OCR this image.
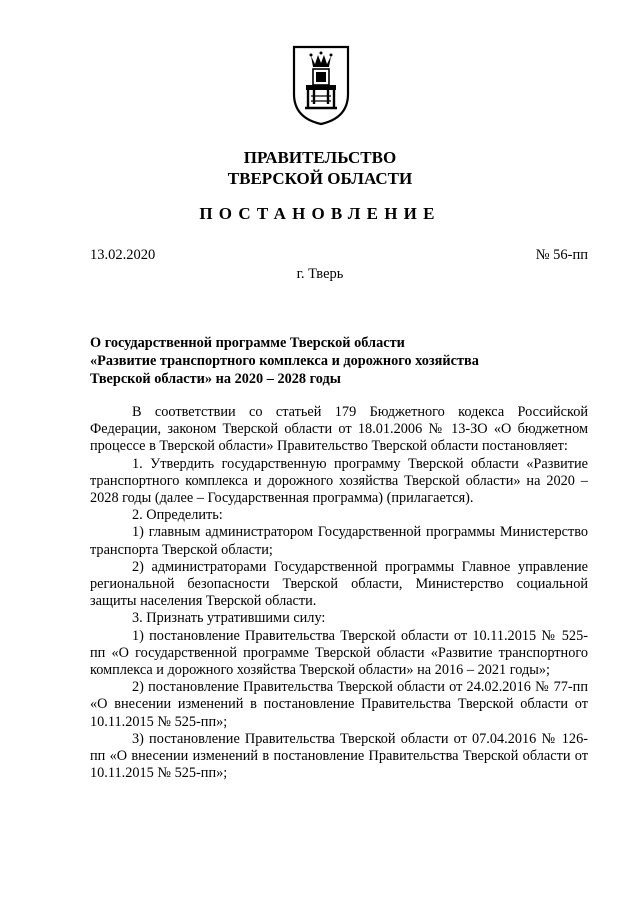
ПРАВИТЕЛЬСТВО
ТВЕРСКОЙ ОБЛАСТИ
ПОСТАНОВЛЕНИЕ
13.02.2020	№ 56-пп
г. Тверь
О государственной программе Тверской области
«Развитие транспортного комплекса и дорожного хозяйства
Тверской области» на 2020 – 2028 годы

В соответствии со статьей 179 Бюджетного кодекса Российской Федерации, законом Тверской области от 18.01.2006 № 13-ЗО «О бюджетном процессе в Тверской области» Правительство Тверской области постановляет:

1. Утвердить государственную программу Тверской области «Развитие транспортного комплекса и дорожного хозяйства Тверской области» на 2020 – 2028 годы (далее – Государственная программа) (прилагается).

2. Определить:

1) главным администратором Государственной программы Министерство транспорта Тверской области;

2) администраторами Государственной программы Главное управление региональной безопасности Тверской области, Министерство социальной защиты населения Тверской области.

3. Признать утратившими силу:

1) постановление Правительства Тверской области от 10.11.2015 № 525-пп «О государственной программе Тверской области «Развитие транспортного комплекса и дорожного хозяйства Тверской области» на 2016 – 2021 годы»;

2) постановление Правительства Тверской области от 24.02.2016 № 77-пп «О внесении изменений в постановление Правительства Тверской области от 10.11.2015 № 525-пп»;

3) постановление Правительства Тверской области от 07.04.2016 № 126-пп «О внесении изменений в постановление Правительства Тверской области от 10.11.2015 № 525-пп»;
